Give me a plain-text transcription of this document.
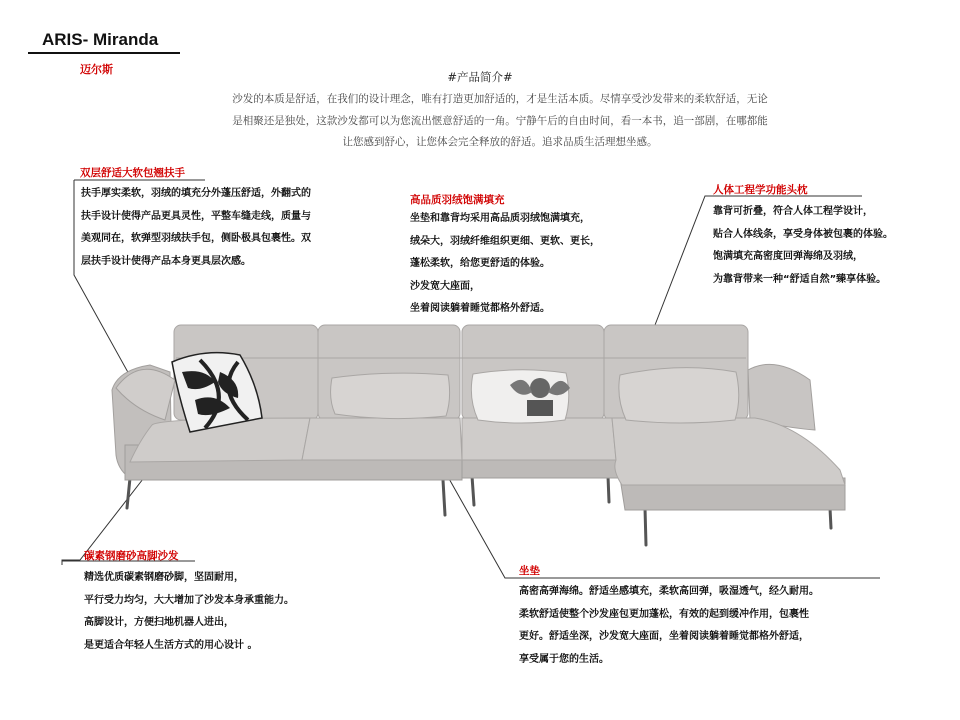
ARIS- Miranda
迈尔斯
#产品简介#
沙发的本质是舒适，在我们的设计理念，唯有打造更加舒适的，才是生活本质。尽情享受沙发带来的柔软舒适，无论
是相聚还是独处，这款沙发都可以为您流出惬意舒适的一角。宁静午后的自由时间，看一本书，追一部剧，在哪都能
让您感到舒心，让您体会完全释放的舒适。追求品质生活理想坐感。
双层舒适大软包翘扶手
扶手厚实柔软，羽绒的填充分外蓬压舒适，外翻式的
扶手设计使得产品更具灵性，平整车缝走线，质量与
美观同在，软弹型羽绒扶手包，侧卧极具包裹性。双
层扶手设计使得产品本身更具层次感。
高品质羽绒饱满填充
坐垫和靠背均采用高品质羽绒饱满填充，
绒朵大，羽绒纤维组织更细、更软、更长，
蓬松柔软，给您更舒适的体验。
沙发宽大座面，
坐着阅读躺着睡觉都格外舒适。
人体工程学功能头枕
靠背可折叠，符合人体工程学设计，
贴合人体线条，享受身体被包裹的体验。
饱满填充高密度回弹海绵及羽绒，
为靠背带来一种“舒适自然”臻享体验。
碳素钢磨砂高脚沙发
精选优质碳素钢磨砂脚，坚固耐用，
平行受力均匀，大大增加了沙发本身承重能力。
高脚设计，方便扫地机器人进出，
是更适合年轻人生活方式的用心设计 。
坐垫
高密高弹海绵。舒适坐感填充，柔软高回弹，吸湿透气，经久耐用。
柔软舒适使整个沙发座包更加蓬松，有效的起到缓冲作用，包裹性
更好。舒适坐深，沙发宽大座面，坐着阅读躺着睡觉都格外舒适，
享受属于您的生活。
